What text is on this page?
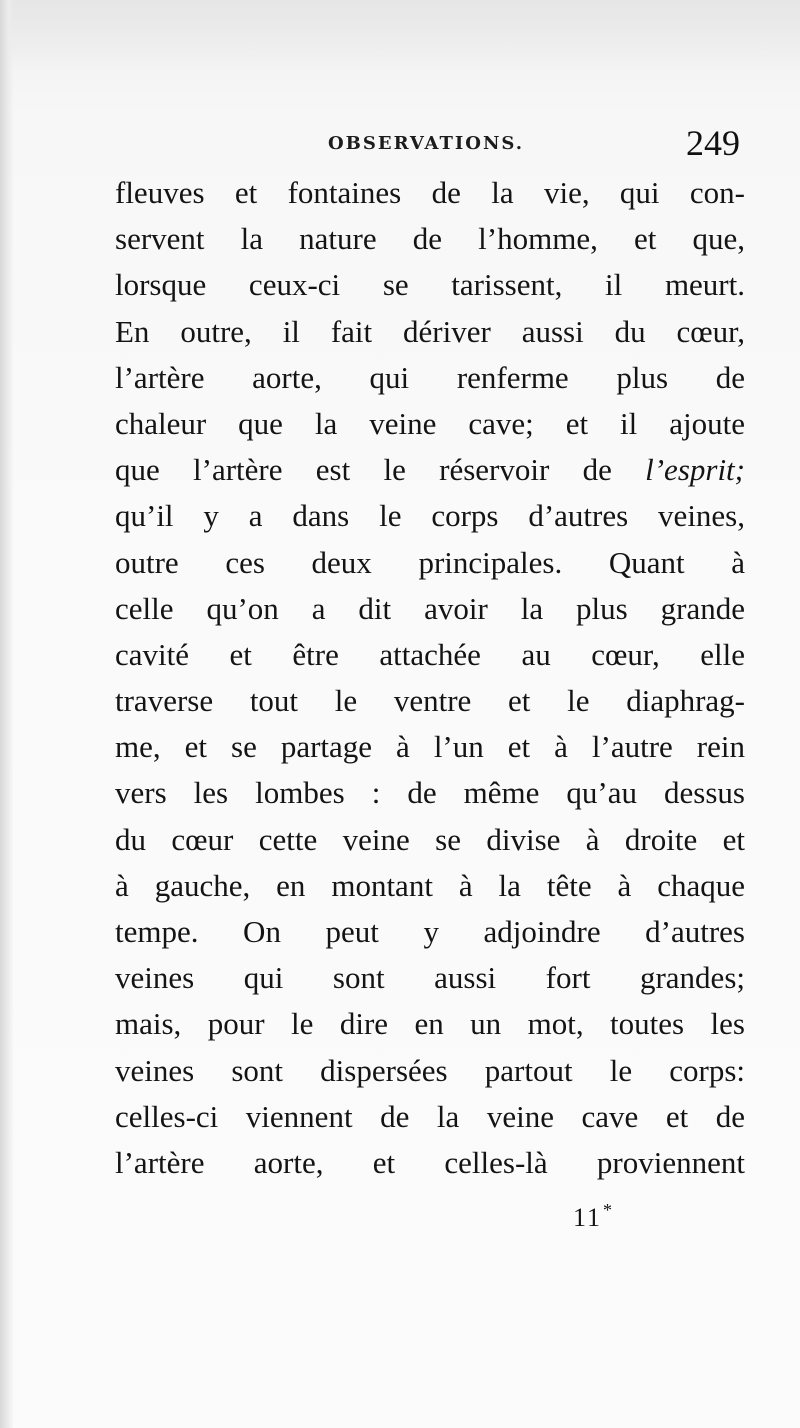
OBSERVATIONS.	249
fleuves et fontaines de la vie, qui con-
servent la nature de l’homme, et que,
lorsque ceux-ci se tarissent, il meurt.
En outre, il fait dériver aussi du cœur,
l’artère aorte, qui renferme plus de
chaleur que la veine cave; et il ajoute
que l’artère est le réservoir de l’esprit;
qu’il y a dans le corps d’autres veines,
outre ces deux principales. Quant à
celle qu’on a dit avoir la plus grande
cavité et être attachée au cœur, elle
traverse tout le ventre et le diaphrag-
me, et se partage à l’un et à l’autre rein
vers les lombes : de même qu’au dessus
du cœur cette veine se divise à droite et
à gauche, en montant à la tête à chaque
tempe. On peut y adjoindre d’autres
veines qui sont aussi fort grandes;
mais, pour le dire en un mot, toutes les
veines sont dispersées partout le corps:
celles-ci viennent de la veine cave et de
l’artère aorte, et celles-là proviennent
11*
